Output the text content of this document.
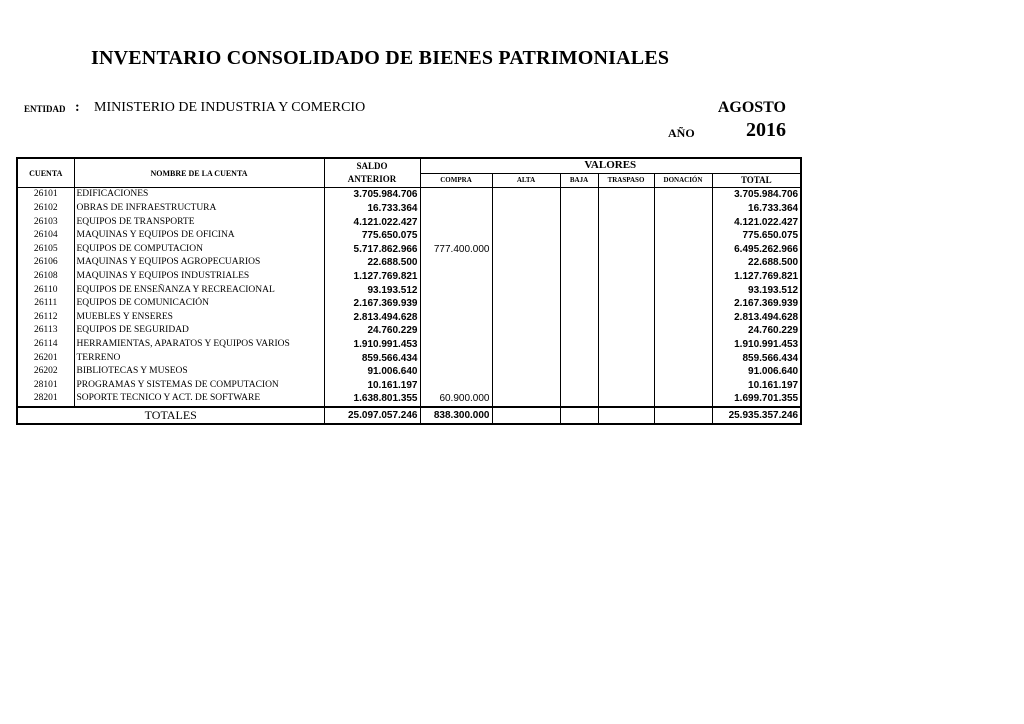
INVENTARIO CONSOLIDADO DE BIENES PATRIMONIALES
ENTIDAD : MINISTERIO DE INDUSTRIA Y COMERCIO	AGOSTO
AÑO	2016
CUENTA	NOMBRE DE LA CUENTA	SALDO
ANTERIOR	VALORES					
			COMPRA	ALTA	BAJA	TRASPASO	DONACIÓN	TOTAL
26101	EDIFICACIONES	3.705.984.706						3.705.984.706
26102	OBRAS DE INFRAESTRUCTURA	16.733.364						16.733.364
26103	EQUIPOS DE TRANSPORTE	4.121.022.427						4.121.022.427
26104	MAQUINAS Y EQUIPOS DE OFICINA	775.650.075						775.650.075
26105	EQUIPOS DE COMPUTACION	5.717.862.966	777.400.000					6.495.262.966
26106	MAQUINAS Y EQUIPOS AGROPECUARIOS	22.688.500						22.688.500
26108	MAQUINAS Y EQUIPOS INDUSTRIALES	1.127.769.821						1.127.769.821
26110	EQUIPOS DE ENSEÑANZA Y RECREACIONAL	93.193.512						93.193.512
26111	EQUIPOS DE COMUNICACIÓN	2.167.369.939						2.167.369.939
26112	MUEBLES Y ENSERES	2.813.494.628						2.813.494.628
26113	EQUIPOS DE SEGURIDAD	24.760.229						24.760.229
26114	HERRAMIENTAS, APARATOS Y EQUIPOS VARIOS	1.910.991.453						1.910.991.453
26201	TERRENO	859.566.434						859.566.434
26202	BIBLIOTECAS Y MUSEOS	91.006.640						91.006.640
28101	PROGRAMAS Y SISTEMAS DE COMPUTACION	10.161.197						10.161.197
28201	SOPORTE TECNICO Y ACT. DE SOFTWARE	1.638.801.355	60.900.000					1.699.701.355
TOTALES		25.097.057.246	838.300.000					25.935.357.246
